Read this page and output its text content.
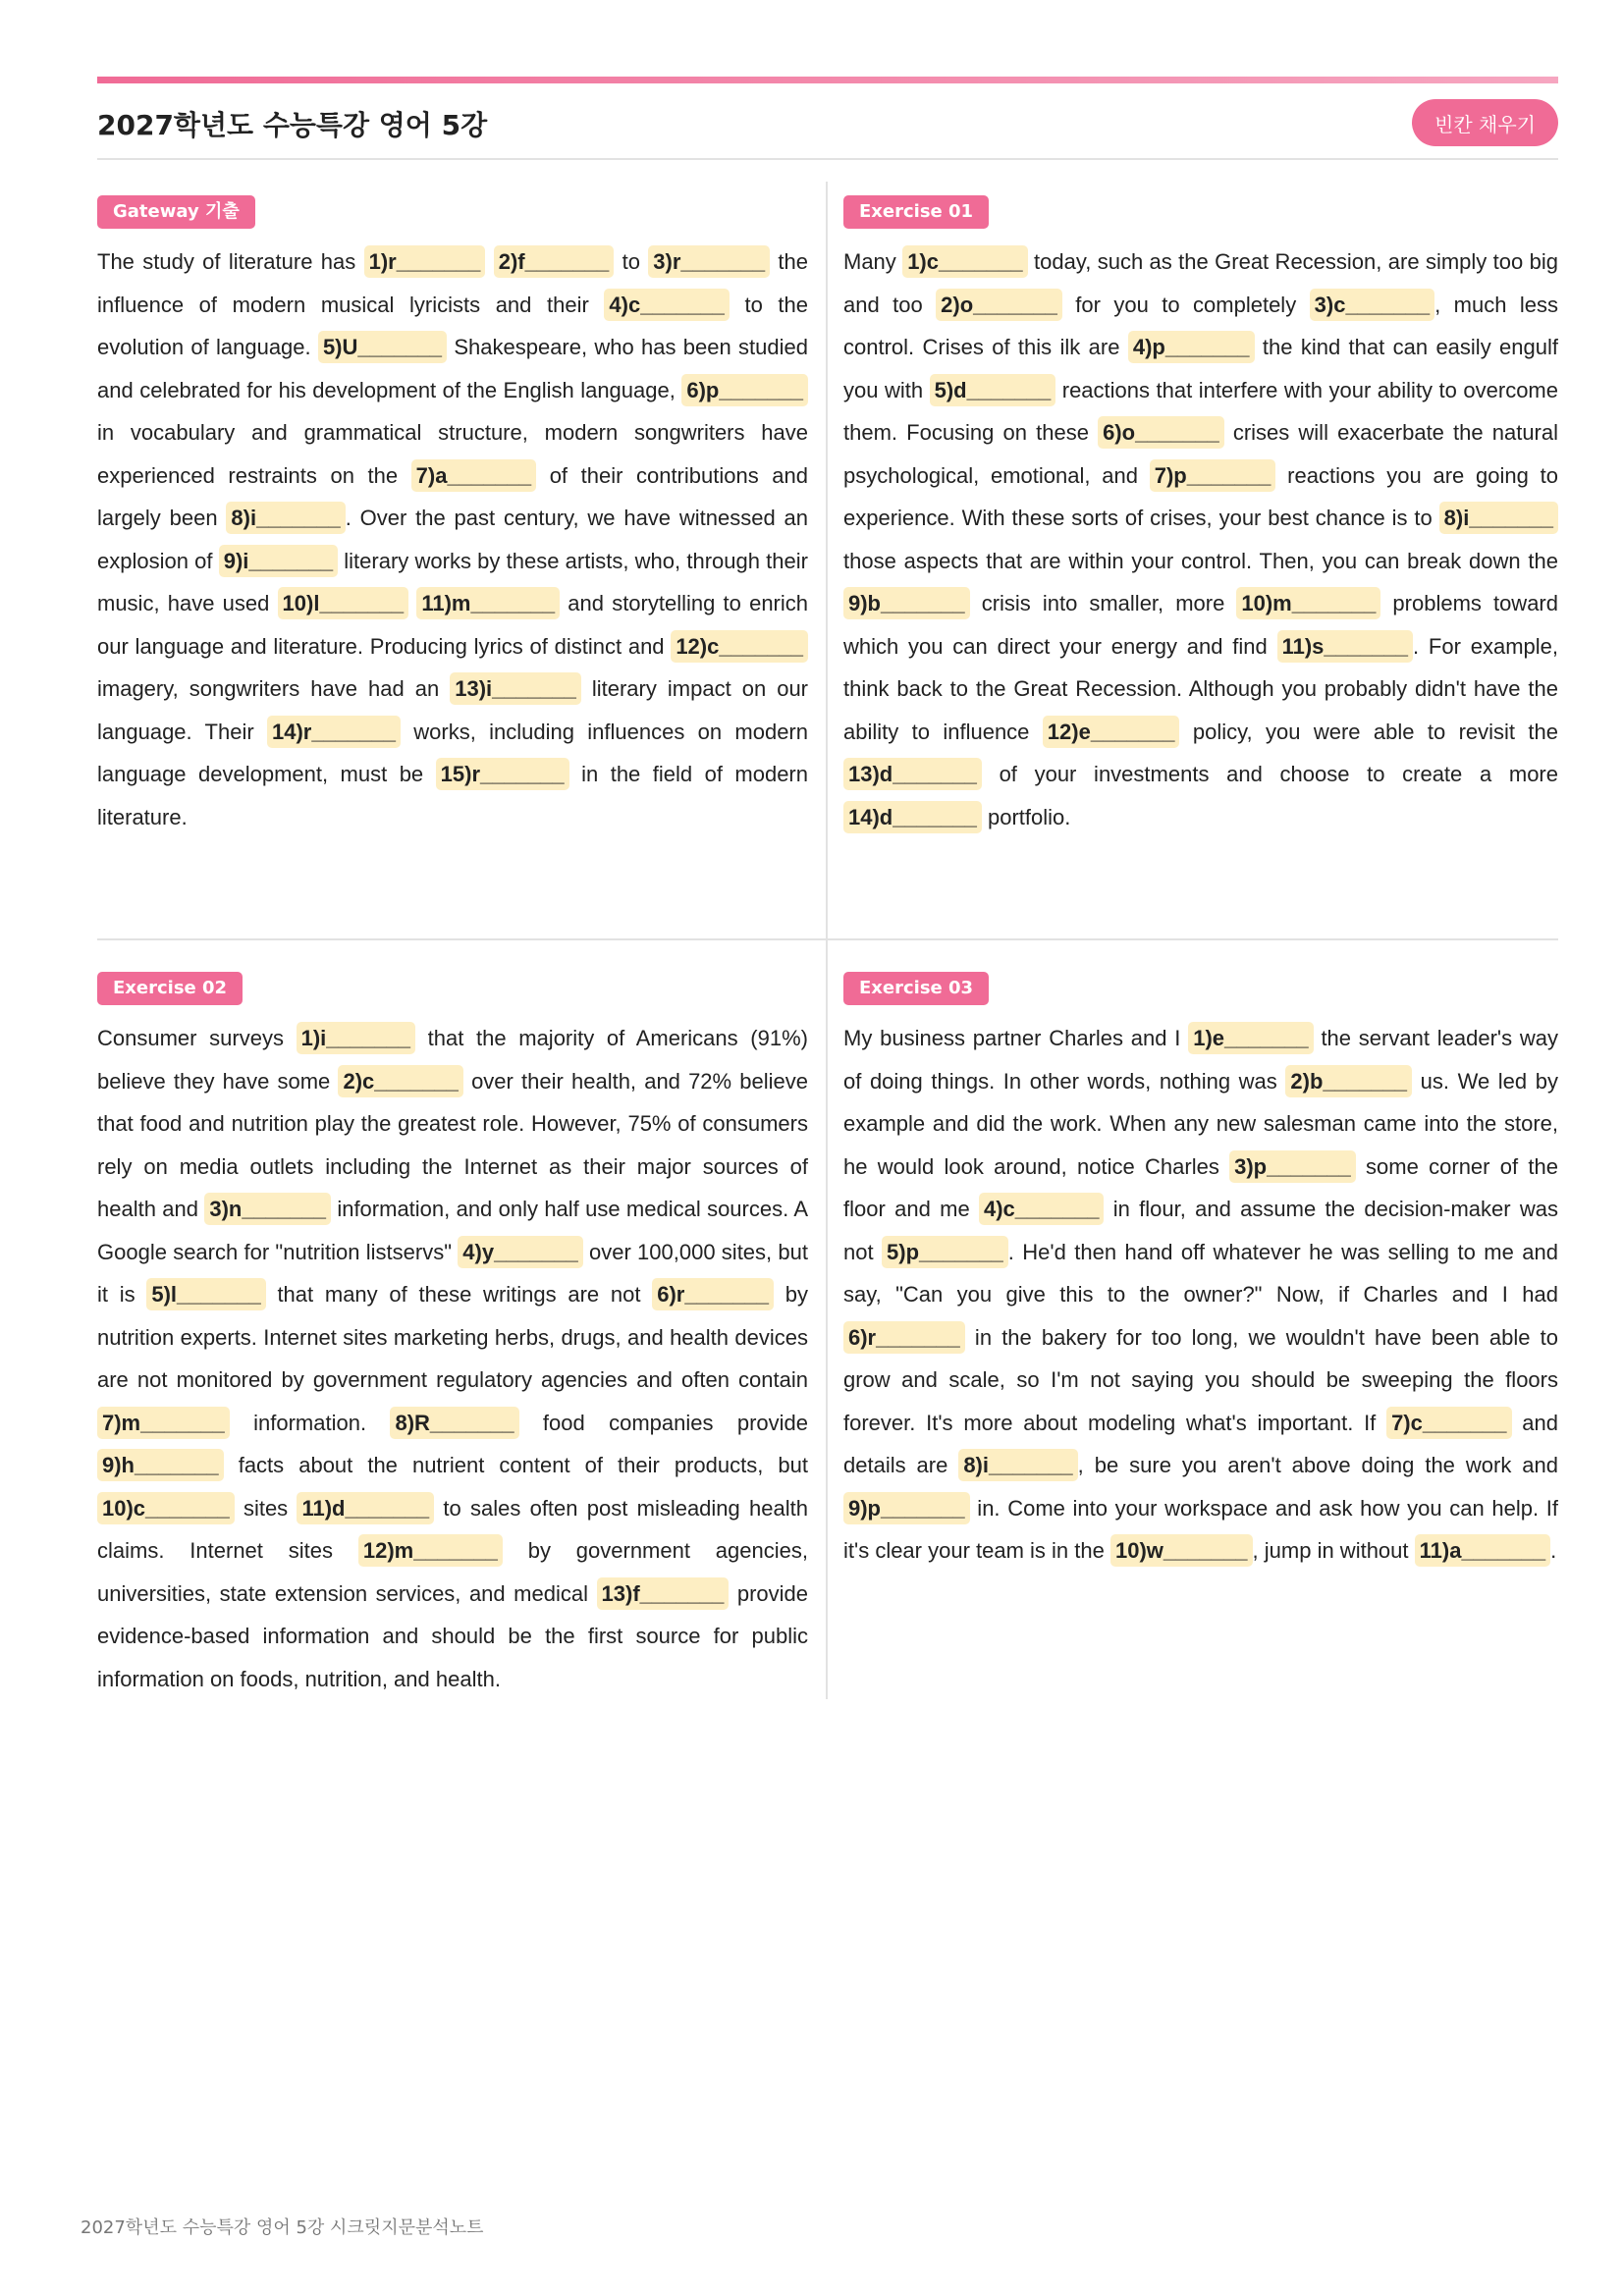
2027학년도 수능특강 영어 5강	빈칸 채우기
Gateway 기출
The study of literature has 1)r_______ 2)f_______ to 3)r_______ the influence of modern musical lyricists and their 4)c_______ to the evolution of language. 5)U_______ Shakespeare, who has been studied and celebrated for his development of the English language, 6)p_______ in vocabulary and grammatical structure, modern songwriters have experienced restraints on the 7)a_______ of their contributions and largely been 8)i_______ . Over the past century, we have witnessed an explosion of 9)i_______ literary works by these artists, who, through their music, have used 10)l_______ 11)m_______ and storytelling to enrich our language and literature. Producing lyrics of distinct and 12)c_______ imagery, songwriters have had an 13)i_______ literary impact on our language. Their 14)r_______ works, including influences on modern language development, must be 15)r_______ in the field of modern literature.
Exercise 01
Many 1)c_______ today, such as the Great Recession, are simply too big and too 2)o_______ for you to completely 3)c_______ , much less control. Crises of this ilk are 4)p_______ the kind that can easily engulf you with 5)d_______ reactions that interfere with your ability to overcome them. Focusing on these 6)o_______ crises will exacerbate the natural psychological, emotional, and 7)p_______ reactions you are going to experience. With these sorts of crises, your best chance is to 8)i_______ those aspects that are within your control. Then, you can break down the 9)b_______ crisis into smaller, more 10)m_______ problems toward which you can direct your energy and find 11)s_______ . For example, think back to the Great Recession. Although you probably didn't have the ability to influence 12)e_______ policy, you were able to revisit the 13)d_______ of your investments and choose to create a more 14)d_______ portfolio.
Exercise 02
Consumer surveys 1)i_______ that the majority of Americans (91%) believe they have some 2)c_______ over their health, and 72% believe that food and nutrition play the greatest role. However, 75% of consumers rely on media outlets including the Internet as their major sources of health and 3)n_______ information, and only half use medical sources. A Google search for "nutrition listservs" 4)y_______ over 100,000 sites, but it is 5)l_______ that many of these writings are not 6)r_______ by nutrition experts. Internet sites marketing herbs, drugs, and health devices are not monitored by government regulatory agencies and often contain 7)m_______ information. 8)R_______ food companies provide 9)h_______ facts about the nutrient content of their products, but 10)c_______ sites 11)d_______ to sales often post misleading health claims. Internet sites 12)m_______ by government agencies, universities, state extension services, and medical 13)f_______ provide evidence-based information and should be the first source for public information on foods, nutrition, and health.
Exercise 03
My business partner Charles and I 1)e_______ the servant leader's way of doing things. In other words, nothing was 2)b_______ us. We led by example and did the work. When any new salesman came into the store, he would look around, notice Charles 3)p_______ some corner of the floor and me 4)c_______ in flour, and assume the decision-maker was not 5)p_______ . He'd then hand off whatever he was selling to me and say, "Can you give this to the owner?" Now, if Charles and I had 6)r_______ in the bakery for too long, we wouldn't have been able to grow and scale, so I'm not saying you should be sweeping the floors forever. It's more about modeling what's important. If 7)c_______ and details are 8)i_______ , be sure you aren't above doing the work and 9)p_______ in. Come into your workspace and ask how you can help. If it's clear your team is in the 10)w_______ , jump in without 11)a_______ .
2027학년도 수능특강 영어 5강 시크릿지문분석노트
